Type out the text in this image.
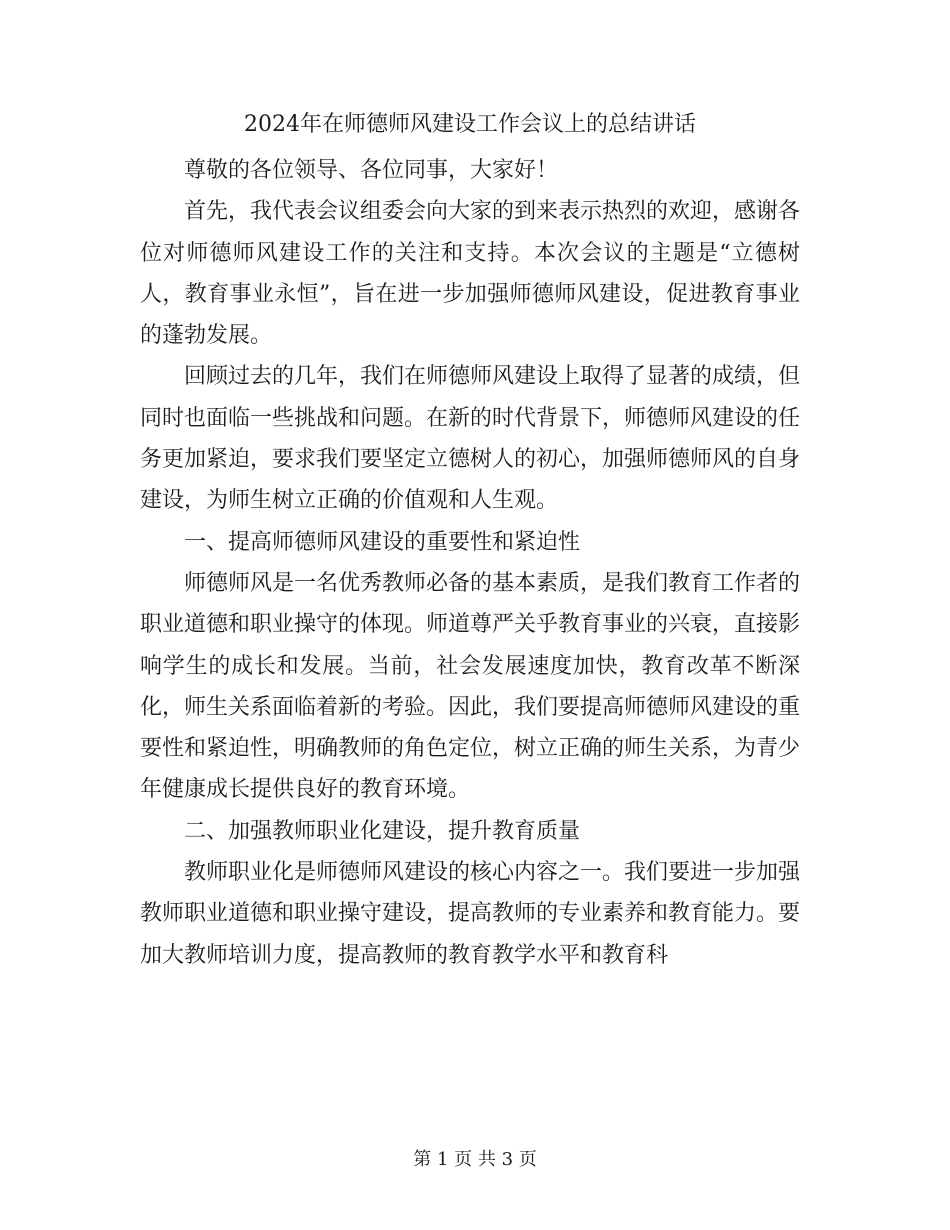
2024年在师德师风建设工作会议上的总结讲话

尊敬的各位领导、各位同事，大家好！

首先，我代表会议组委会向大家的到来表示热烈的欢迎，感谢各位对师德师风建设工作的关注和支持。本次会议的主题是“立德树人，教育事业永恒”，旨在进一步加强师德师风建设，促进教育事业的蓬勃发展。

回顾过去的几年，我们在师德师风建设上取得了显著的成绩，但同时也面临一些挑战和问题。在新的时代背景下，师德师风建设的任务更加紧迫，要求我们要坚定立德树人的初心，加强师德师风的自身建设，为师生树立正确的价值观和人生观。

一、提高师德师风建设的重要性和紧迫性

师德师风是一名优秀教师必备的基本素质，是我们教育工作者的职业道德和职业操守的体现。师道尊严关乎教育事业的兴衰，直接影响学生的成长和发展。当前，社会发展速度加快，教育改革不断深化，师生关系面临着新的考验。因此，我们要提高师德师风建设的重要性和紧迫性，明确教师的角色定位，树立正确的师生关系，为青少年健康成长提供良好的教育环境。

二、加强教师职业化建设，提升教育质量

教师职业化是师德师风建设的核心内容之一。我们要进一步加强教师职业道德和职业操守建设，提高教师的专业素养和教育能力。要加大教师培训力度，提高教师的教育教学水平和教育科

第 1 页 共 3 页
